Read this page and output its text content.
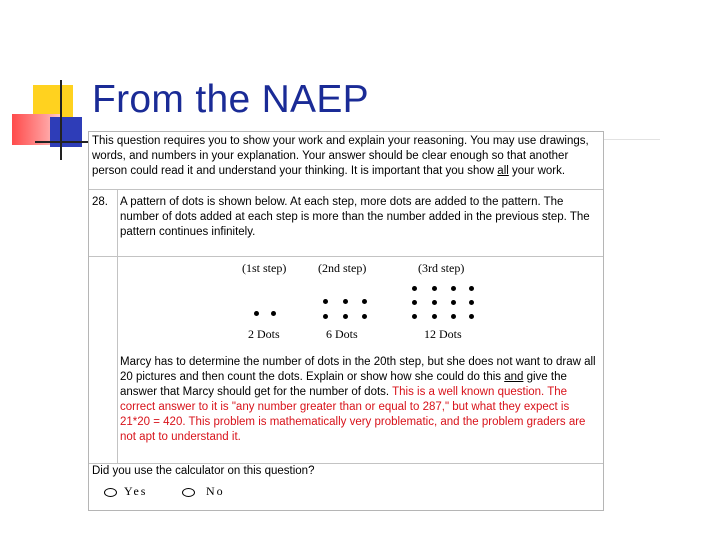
From the NAEP

This question requires you to show your work and explain your reasoning. You may use drawings, words, and numbers in your explanation. Your answer should be clear enough so that another person could read it and understand your thinking. It is important that you show all your work.

28. A pattern of dots is shown below. At each step, more dots are added to the pattern. The number of dots added at each step is more than the number added in the previous step. The pattern continues infinitely.
(1st step)	(2nd step)	(3rd step)
2 Dots	6 Dots	12 Dots
Marcy has to determine the number of dots in the 20th step, but she does not want to draw all 20 pictures and then count the dots. Explain or show how she could do this and give the answer that Marcy should get for the number of dots. This is a well known question. The correct answer to it is "any number greater than or equal to 287," but what they expect is 21*20 = 420. This problem is mathematically very problematic, and the problem graders are not apt to understand it.
Did you use the calculator on this question?
Yes	No
